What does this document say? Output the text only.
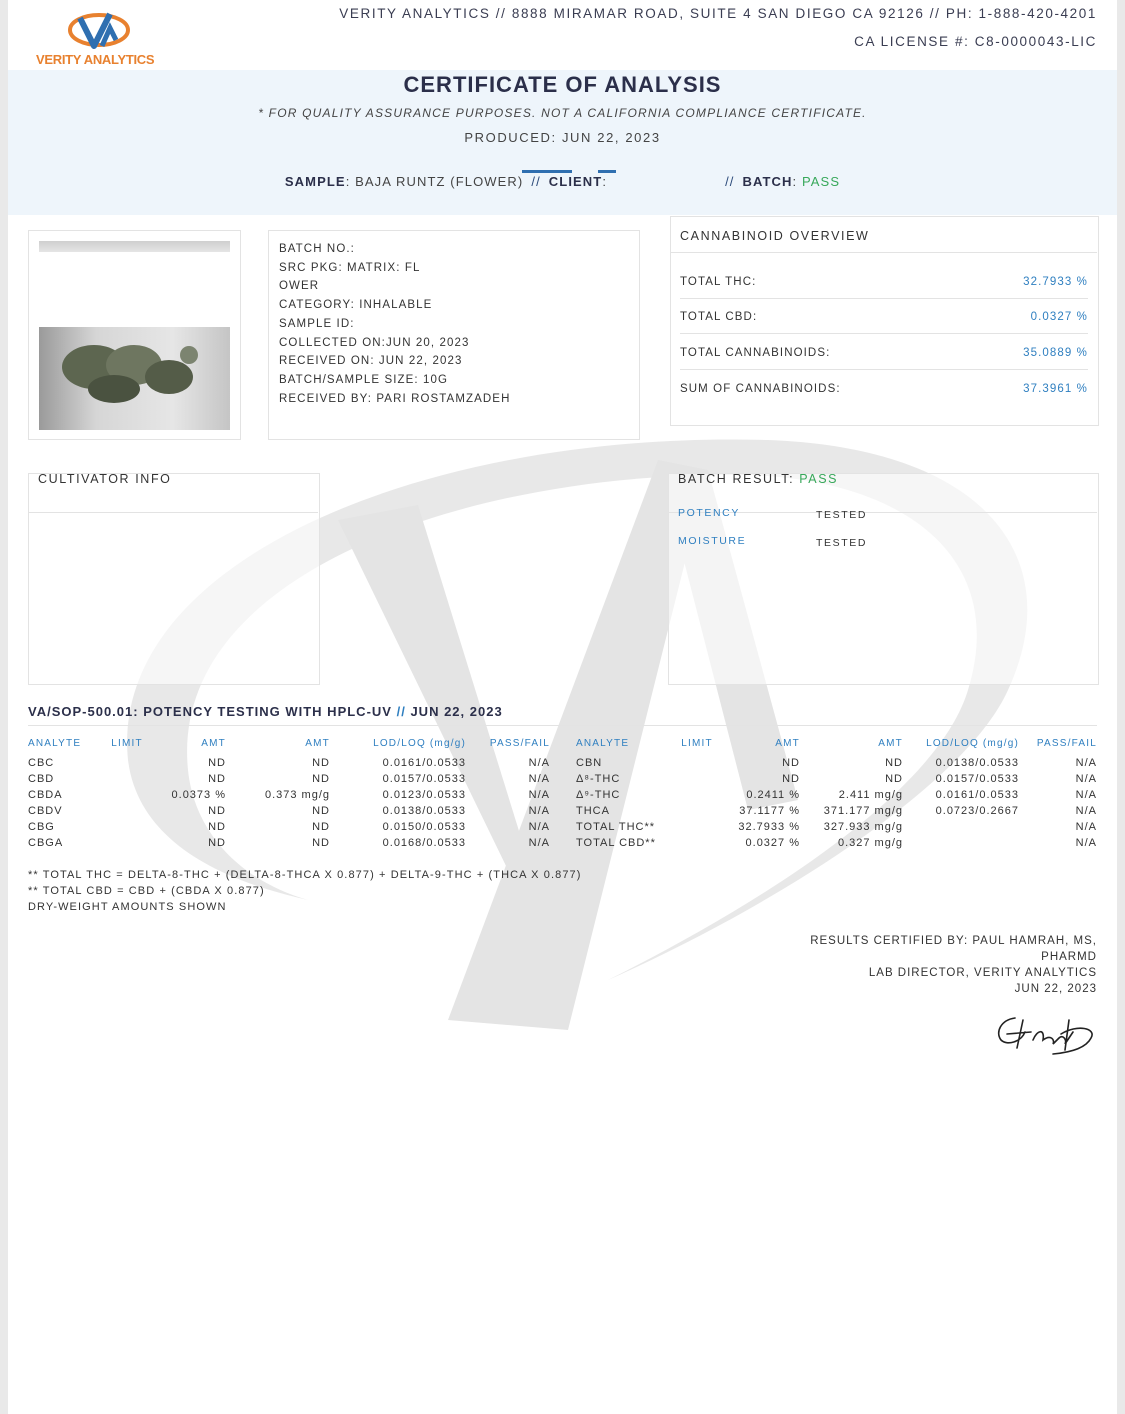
VERITY ANALYTICS
VERITY ANALYTICS // 8888 MIRAMAR ROAD, SUITE 4 SAN DIEGO CA 92126 // PH: 1-888-420-4201
CA LICENSE #: C8-0000043-LIC
CERTIFICATE OF ANALYSIS
* FOR QUALITY ASSURANCE PURPOSES. NOT A CALIFORNIA COMPLIANCE CERTIFICATE.
PRODUCED: JUN 22, 2023
SAMPLE: BAJA RUNTZ (FLOWER) // CLIENT:	// BATCH: PASS
BATCH NO.:
SRC PKG: MATRIX: FL
OWER
CATEGORY: INHALABLE
SAMPLE ID:
COLLECTED ON:JUN 20, 2023
RECEIVED ON: JUN 22, 2023
BATCH/SAMPLE SIZE: 10G
RECEIVED BY: PARI ROSTAMZADEH
CANNABINOID OVERVIEW
TOTAL THC:	32.7933 %
TOTAL CBD:	0.0327 %
TOTAL CANNABINOIDS:	35.0889 %
SUM OF CANNABINOIDS:	37.3961 %
CULTIVATOR INFO	BATCH RESULT: PASS
POTENCY	TESTED
MOISTURE	TESTED
VA/SOP-500.01: POTENCY TESTING WITH HPLC-UV // JUN 22, 2023
ANALYTE	LIMIT	AMT	AMT	LOD/LOQ (mg/g)	PASS/FAIL
CBC		ND	ND	0.0161/0.0533	N/A
CBD		ND	ND	0.0157/0.0533	N/A
CBDA		0.0373 %	0.373 mg/g	0.0123/0.0533	N/A
CBDV		ND	ND	0.0138/0.0533	N/A
CBG		ND	ND	0.0150/0.0533	N/A
CBGA		ND	ND	0.0168/0.0533	N/A
ANALYTE	LIMIT	AMT	AMT	LOD/LOQ (mg/g)	PASS/FAIL
CBN		ND	ND	0.0138/0.0533	N/A
Δ⁸-THC		ND	ND	0.0157/0.0533	N/A
Δ⁹-THC		0.2411 %	2.411 mg/g	0.0161/0.0533	N/A
THCA		37.1177 %	371.177 mg/g	0.0723/0.2667	N/A
TOTAL THC**		32.7933 %	327.933 mg/g		N/A
TOTAL CBD**		0.0327 %	0.327 mg/g		N/A
** TOTAL THC = DELTA-8-THC + (DELTA-8-THCA X 0.877) + DELTA-9-THC + (THCA X 0.877)
** TOTAL CBD = CBD + (CBDA X 0.877)
DRY-WEIGHT AMOUNTS SHOWN
RESULTS CERTIFIED BY: PAUL HAMRAH, MS,
PHARMD
LAB DIRECTOR, VERITY ANALYTICS
JUN 22, 2023
